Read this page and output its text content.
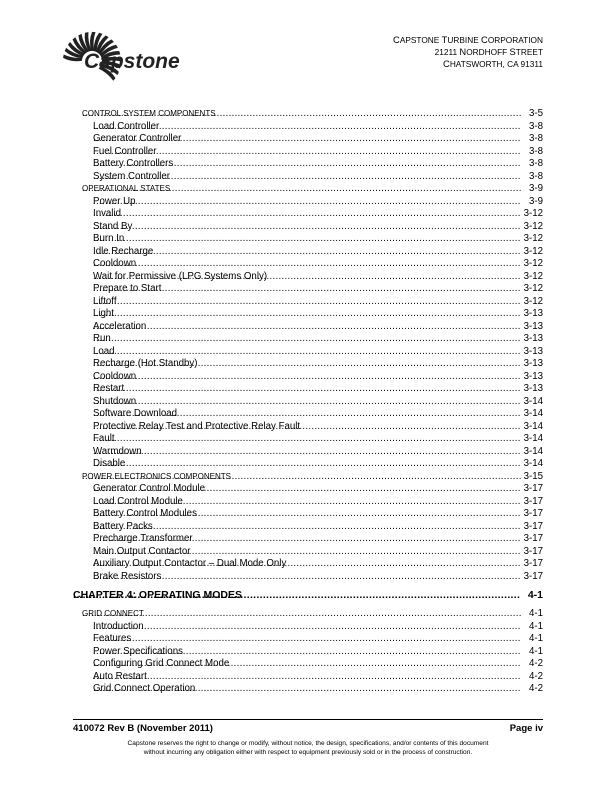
Capstone
CAPSTONE TURBINE CORPORATION
21211 NORDHOFF STREET
CHATSWORTH, CA 91311
.....
CONTROL SYSTEM COMPONENTS	3-5
.....
Load Controller	3-8
.....
Generator Controller	3-8
.....
Fuel Controller	3-8
.....
Battery Controllers	3-8
.....
System Controller	3-8
.....
OPERATIONAL STATES	3-9
.....
Power Up	3-9
.....
Invalid	3-12
.....
Stand By	3-12
.....
Burn In	3-12
.....
Idle Recharge	3-12
.....
Cooldown	3-12
.....
Wait for Permissive (LPG Systems Only)	3-12
.....
Prepare to Start	3-12
.....
Liftoff	3-12
.....
Light	3-13
.....
Acceleration	3-13
.....
Run	3-13
.....
Load	3-13
.....
Recharge (Hot Standby)	3-13
.....
Cooldown	3-13
.....
Restart	3-13
.....
Shutdown	3-14
.....
Software Download	3-14
.....
Protective Relay Test and Protective Relay Fault	3-14
.....
Fault	3-14
.....
Warmdown	3-14
.....
Disable	3-14
.....
POWER ELECTRONICS COMPONENTS	3-15
.....
Generator Control Module	3-17
.....
Load Control Module	3-17
.....
Battery Control Modules	3-17
.....
Battery Packs	3-17
.....
Precharge Transformer	3-17
.....
Main Output Contactor	3-17
.....
Auxiliary Output Contactor – Dual Mode Only	3-17
.....
Brake Resistors	3-17
.....
CHAPTER 4: OPERATING MODES	4-1
.....
GRID CONNECT	4-1
.....
Introduction	4-1
.....
Features	4-1
.....
Power Specifications	4-1
.....
Configuring Grid Connect Mode	4-2
.....
Auto Restart	4-2
.....
Grid Connect Operation	4-2
410072 Rev B (November 2011)	Page iv
Capstone reserves the right to change or modify, without notice, the design, specifications, and/or contents of this document
without incurring any obligation either with respect to equipment previously sold or in the process of construction.
